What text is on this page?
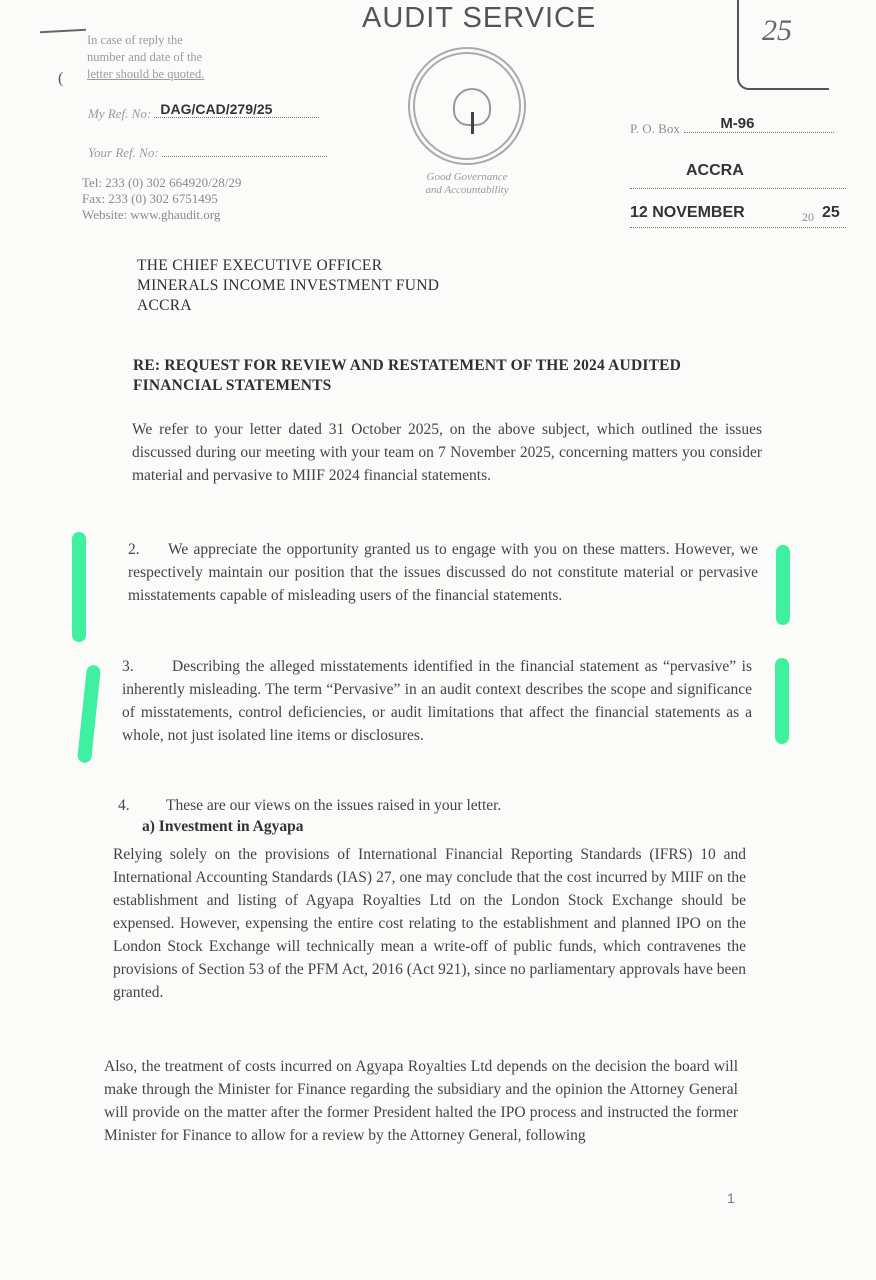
AUDIT SERVICE
In case of reply the
number and date of the
letter should be quoted.
(
My Ref. No: DAG/CAD/279/25
Your Ref. No:
Tel: 233 (0) 302 664920/28/29
Fax: 233 (0) 302 6751495
Website: www.ghaudit.org
Good Governance
and Accountability
25
P. O. Box	M-96
ACCRA
12 NOVEMBER	20 25
THE CHIEF EXECUTIVE OFFICER
MINERALS INCOME INVESTMENT FUND
ACCRA
RE: REQUEST FOR REVIEW AND RESTATEMENT OF THE 2024 AUDITED FINANCIAL STATEMENTS
We refer to your letter dated 31 October 2025, on the above subject, which outlined the issues discussed during our meeting with your team on 7 November 2025, concerning matters you consider material and pervasive to MIIF 2024 financial statements.
2. We appreciate the opportunity granted us to engage with you on these matters. However, we respectively maintain our position that the issues discussed do not constitute material or pervasive misstatements capable of misleading users of the financial statements.
3. Describing the alleged misstatements identified in the financial statement as “pervasive” is inherently misleading. The term “Pervasive” in an audit context describes the scope and significance of misstatements, control deficiencies, or audit limitations that affect the financial statements as a whole, not just isolated line items or disclosures.
4. These are our views on the issues raised in your letter.
a) Investment in Agyapa
Relying solely on the provisions of International Financial Reporting Standards (IFRS) 10 and International Accounting Standards (IAS) 27, one may conclude that the cost incurred by MIIF on the establishment and listing of Agyapa Royalties Ltd on the London Stock Exchange should be expensed. However, expensing the entire cost relating to the establishment and planned IPO on the London Stock Exchange will technically mean a write-off of public funds, which contravenes the provisions of Section 53 of the PFM Act, 2016 (Act 921), since no parliamentary approvals have been granted.
Also, the treatment of costs incurred on Agyapa Royalties Ltd depends on the decision the board will make through the Minister for Finance regarding the subsidiary and the opinion the Attorney General will provide on the matter after the former President halted the IPO process and instructed the former Minister for Finance to allow for a review by the Attorney General, following
1
